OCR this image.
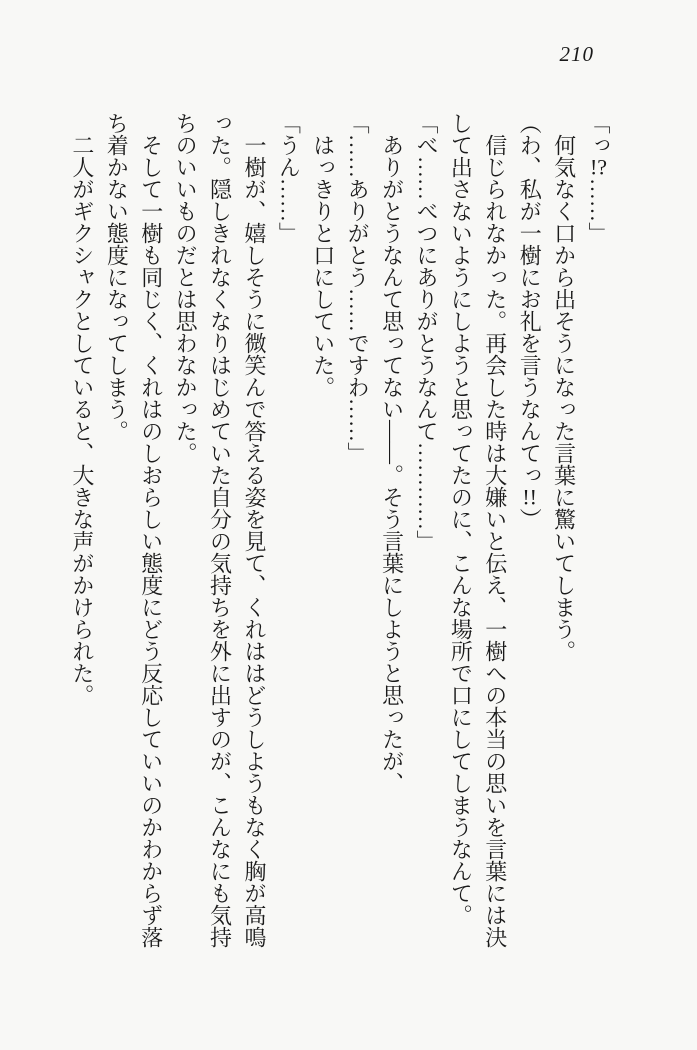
210

「っ!?……」

何気なく口から出そうになった言葉に驚いてしまう。

（わ、私が一樹にお礼を言うなんてっ!!）

信じられなかった。再会した時は大嫌いと伝え、一樹への本当の思いを言葉には決

して出さないようにしようと思ってたのに、こんな場所で口にしてしまうなんて。

「べ……べつにありがとうなんて…………」

ありがとうなんて思ってない——。そう言葉にしようと思ったが、

「……ありがとう……ですわ……」

はっきりと口にしていた。

「うん……」

一樹が、嬉しそうに微笑んで答える姿を見て、くれははどうしようもなく胸が高鳴

った。隠しきれなくなりはじめていた自分の気持ちを外に出すのが、こんなにも気持

ちのいいものだとは思わなかった。

そして一樹も同じく、くれはのしおらしい態度にどう反応していいのかわからず落

ち着かない態度になってしまう。

二人がギクシャクとしていると、大きな声がかけられた。
